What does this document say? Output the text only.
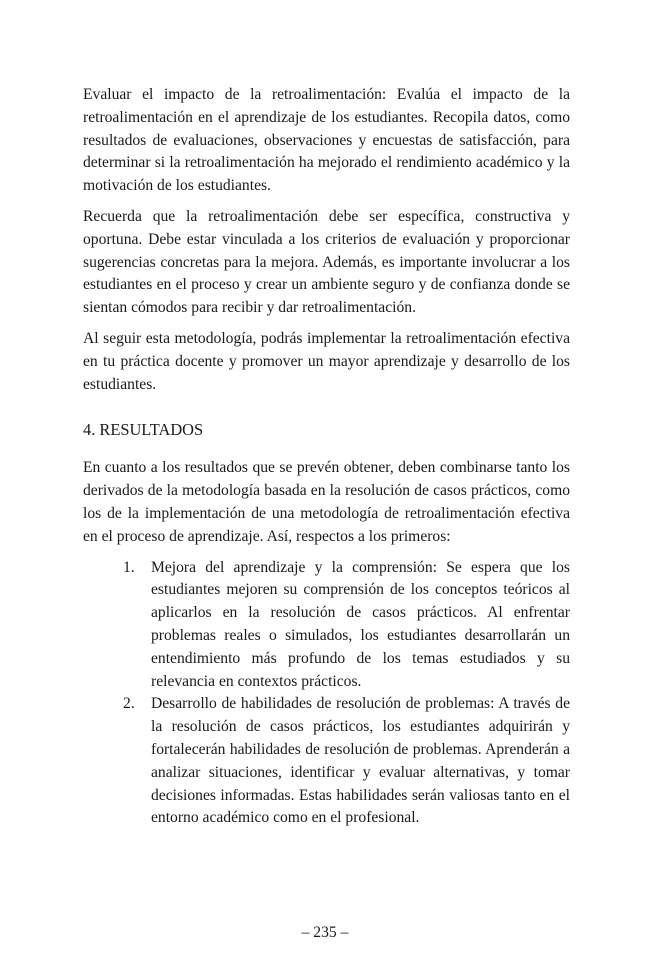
Evaluar el impacto de la retroalimentación: Evalúa el impacto de la retroalimentación en el aprendizaje de los estudiantes. Recopila datos, como resultados de evaluaciones, observaciones y encuestas de satisfacción, para determinar si la retroalimentación ha mejorado el rendimiento académico y la motivación de los estudiantes.

Recuerda que la retroalimentación debe ser específica, constructiva y oportuna. Debe estar vinculada a los criterios de evaluación y proporcionar sugerencias concretas para la mejora. Además, es importante involucrar a los estudiantes en el proceso y crear un ambiente seguro y de confianza donde se sientan cómodos para recibir y dar retroalimentación.

Al seguir esta metodología, podrás implementar la retroalimentación efectiva en tu práctica docente y promover un mayor aprendizaje y desarrollo de los estudiantes.

4. RESULTADOS

En cuanto a los resultados que se prevén obtener, deben combinarse tanto los derivados de la metodología basada en la resolución de casos prácticos, como los de la implementación de una metodología de retroalimentación efectiva en el proceso de aprendizaje. Así, respectos a los primeros:

1. Mejora del aprendizaje y la comprensión: Se espera que los estudiantes mejoren su comprensión de los conceptos teóricos al aplicarlos en la resolución de casos prácticos. Al enfrentar problemas reales o simulados, los estudiantes desarrollarán un entendimiento más profundo de los temas estudiados y su relevancia en contextos prácticos.
2. Desarrollo de habilidades de resolución de problemas: A través de la resolución de casos prácticos, los estudiantes adquirirán y fortalecerán habilidades de resolución de problemas. Aprenderán a analizar situaciones, identificar y evaluar alternativas, y tomar decisiones informadas. Estas habilidades serán valiosas tanto en el entorno académico como en el profesional.
– 235 –
